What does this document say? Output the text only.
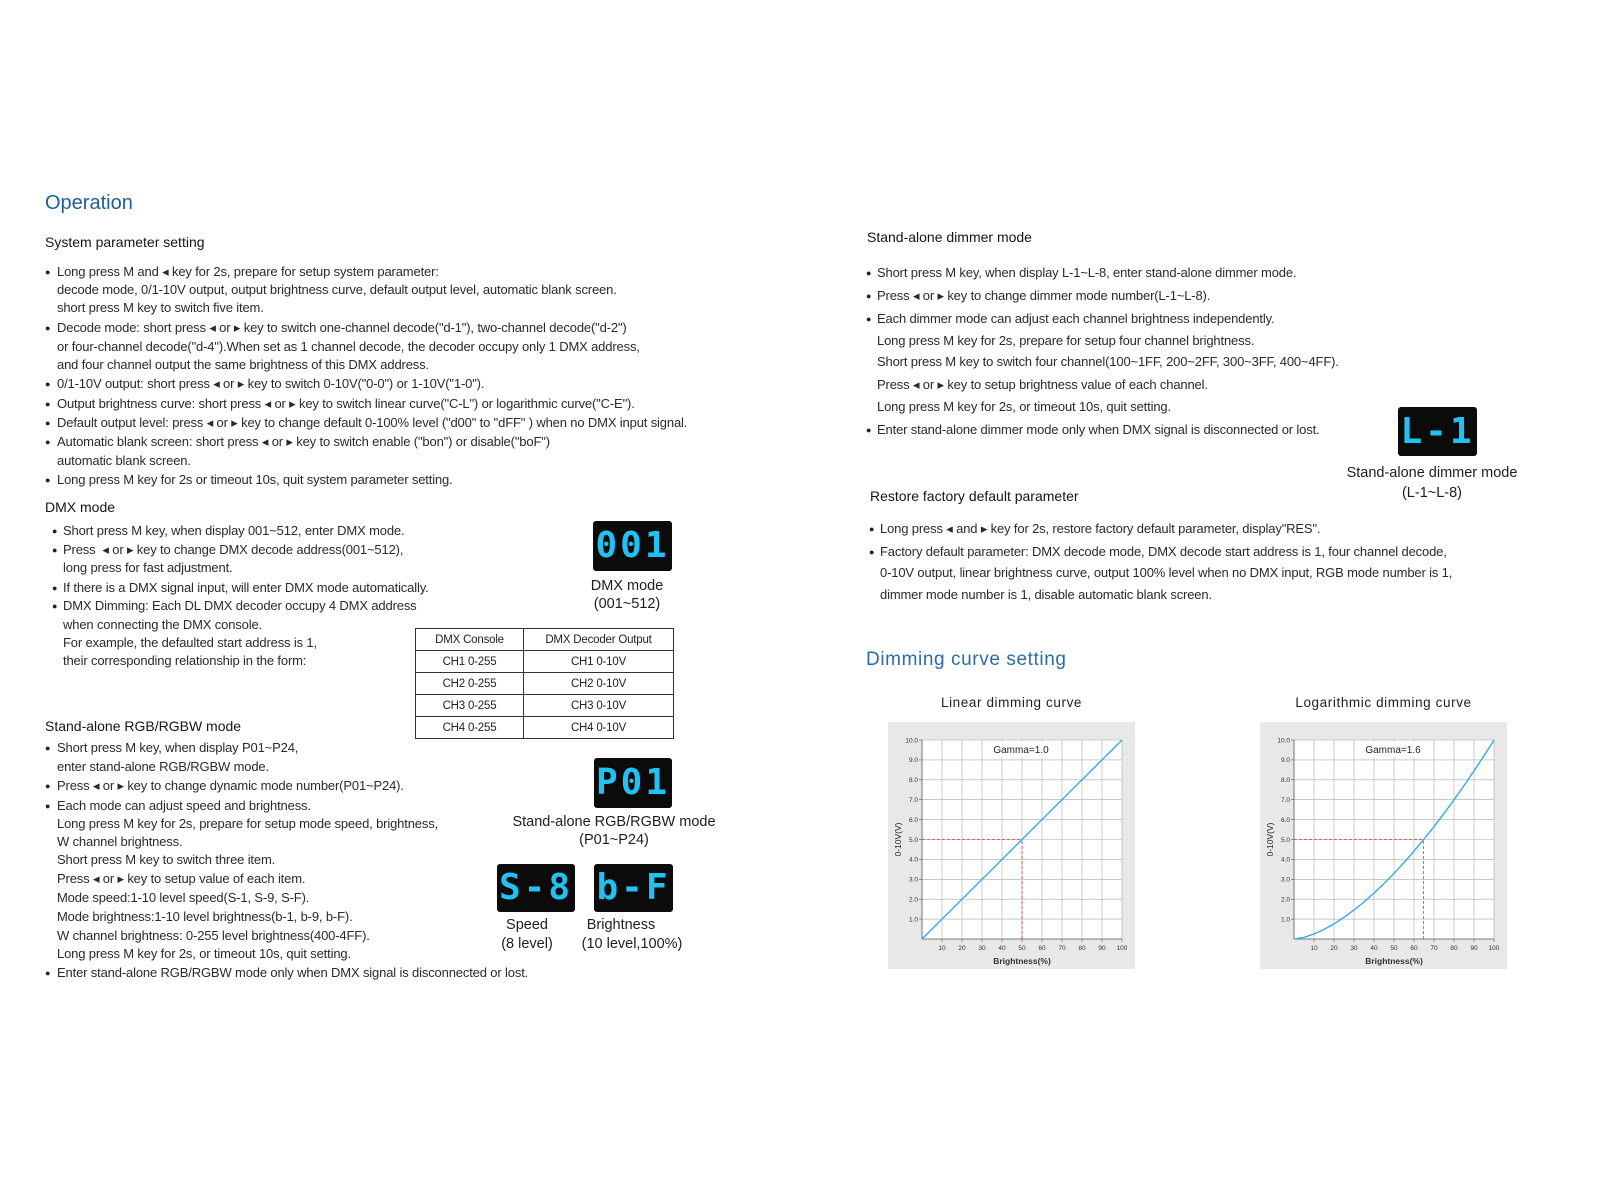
Operation
System parameter setting
● Long press M and ◂ key for 2s, prepare for setup system parameter:
decode mode, 0/1-10V output, output brightness curve, default output level, automatic blank screen.
short press M key to switch five item.
● Decode mode: short press ◂ or ▸ key to switch one-channel decode("d-1"), two-channel decode("d-2")
or four-channel decode("d-4").When set as 1 channel decode, the decoder occupy only 1 DMX address,
and four channel output the same brightness of this DMX address.
● 0/1-10V output: short press ◂ or ▸ key to switch 0-10V("0-0") or 1-10V("1-0").
● Output brightness curve: short press ◂ or ▸ key to switch linear curve("C-L") or logarithmic curve("C-E").
● Default output level: press ◂ or ▸ key to change default 0-100% level ("d00" to "dFF" ) when no DMX input signal.
● Automatic blank screen: short press ◂ or ▸ key to switch enable ("bon") or disable("boF")
automatic blank screen.
● Long press M key for 2s or timeout 10s, quit system parameter setting.
DMX mode
● Short press M key, when display 001~512, enter DMX mode.
● Press  ◂ or ▸ key to change DMX decode address(001~512),
long press for fast adjustment.
● If there is a DMX signal input, will enter DMX mode automatically.
● DMX Dimming: Each DL DMX decoder occupy 4 DMX address
when connecting the DMX console.
For example, the defaulted start address is 1,
their corresponding relationship in the form:
001
DMX mode
(001~512)
DMX Console	DMX Decoder Output
CH1 0-255	CH1 0-10V
CH2 0-255	CH2 0-10V
CH3 0-255	CH3 0-10V
CH4 0-255	CH4 0-10V
Stand-alone RGB/RGBW mode
● Short press M key, when display P01~P24,
enter stand-alone RGB/RGBW mode.
● Press ◂ or ▸ key to change dynamic mode number(P01~P24).
● Each mode can adjust speed and brightness.
Long press M key for 2s, prepare for setup mode speed, brightness,
W channel brightness.
Short press M key to switch three item.
Press ◂ or ▸ key to setup value of each item.
Mode speed:1-10 level speed(S-1, S-9, S-F).
Mode brightness:1-10 level brightness(b-1, b-9, b-F).
W channel brightness: 0-255 level brightness(400-4FF).
Long press M key for 2s, or timeout 10s, quit setting.
● Enter stand-alone RGB/RGBW mode only when DMX signal is disconnected or lost.
P01
Stand-alone RGB/RGBW mode
(P01~P24)
S-8
Speed
(8 level)
b-F
Brightness
(10 level,100%)
Stand-alone dimmer mode
● Short press M key, when display L-1~L-8, enter stand-alone dimmer mode.
● Press ◂ or ▸ key to change dimmer mode number(L-1~L-8).
● Each dimmer mode can adjust each channel brightness independently.
Long press M key for 2s, prepare for setup four channel brightness.
Short press M key to switch four channel(100~1FF, 200~2FF, 300~3FF, 400~4FF).
Press ◂ or ▸ key to setup brightness value of each channel.
Long press M key for 2s, or timeout 10s, quit setting.
● Enter stand-alone dimmer mode only when DMX signal is disconnected or lost. L-1
Stand-alone dimmer mode
(L-1~L-8)
Restore factory default parameter
● Long press ◂ and ▸ key for 2s, restore factory default parameter, display"RES".
● Factory default parameter: DMX decode mode, DMX decode start address is 1, four channel decode,
0-10V output, linear brightness curve, output 100% level when no DMX input, RGB mode number is 1,
dimmer mode number is 1, disable automatic blank screen.
Dimming curve setting
Linear dimming curve
1.0
2.0
3.0
4.0
5.0
6.0
7.0
8.0
9.0
10.0
10 20 30 40 50 60 70 80 90 100
0-10V(V)
Brightness(%)
Gamma=1.0
Logarithmic dimming curve
1.0
2.0
3.0
4.0
5.0
6.0
7.0
8.0
9.0
10.0
10 20 30 40 50 60 70 80 90 100
0-10V(V)
Brightness(%)
Gamma=1.6
